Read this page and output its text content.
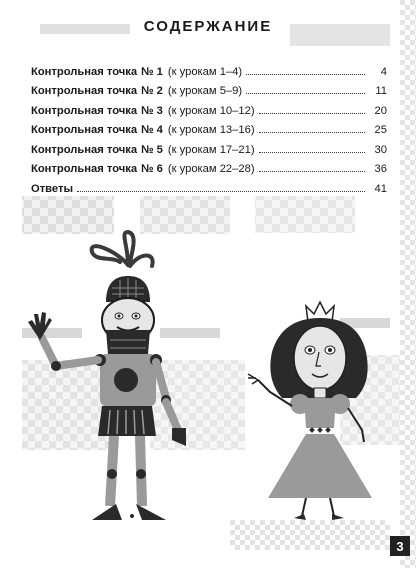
СОДЕРЖАНИЕ
Контрольная точка № 1 (к урокам 1–4)	4
Контрольная точка № 2 (к урокам 5–9)	11
Контрольная точка № 3 (к урокам 10–12)	20
Контрольная точка № 4 (к урокам 13–16)	25
Контрольная точка № 5 (к урокам 17–21)	30
Контрольная точка № 6 (к урокам 22–28)	36
Ответы	41
3
